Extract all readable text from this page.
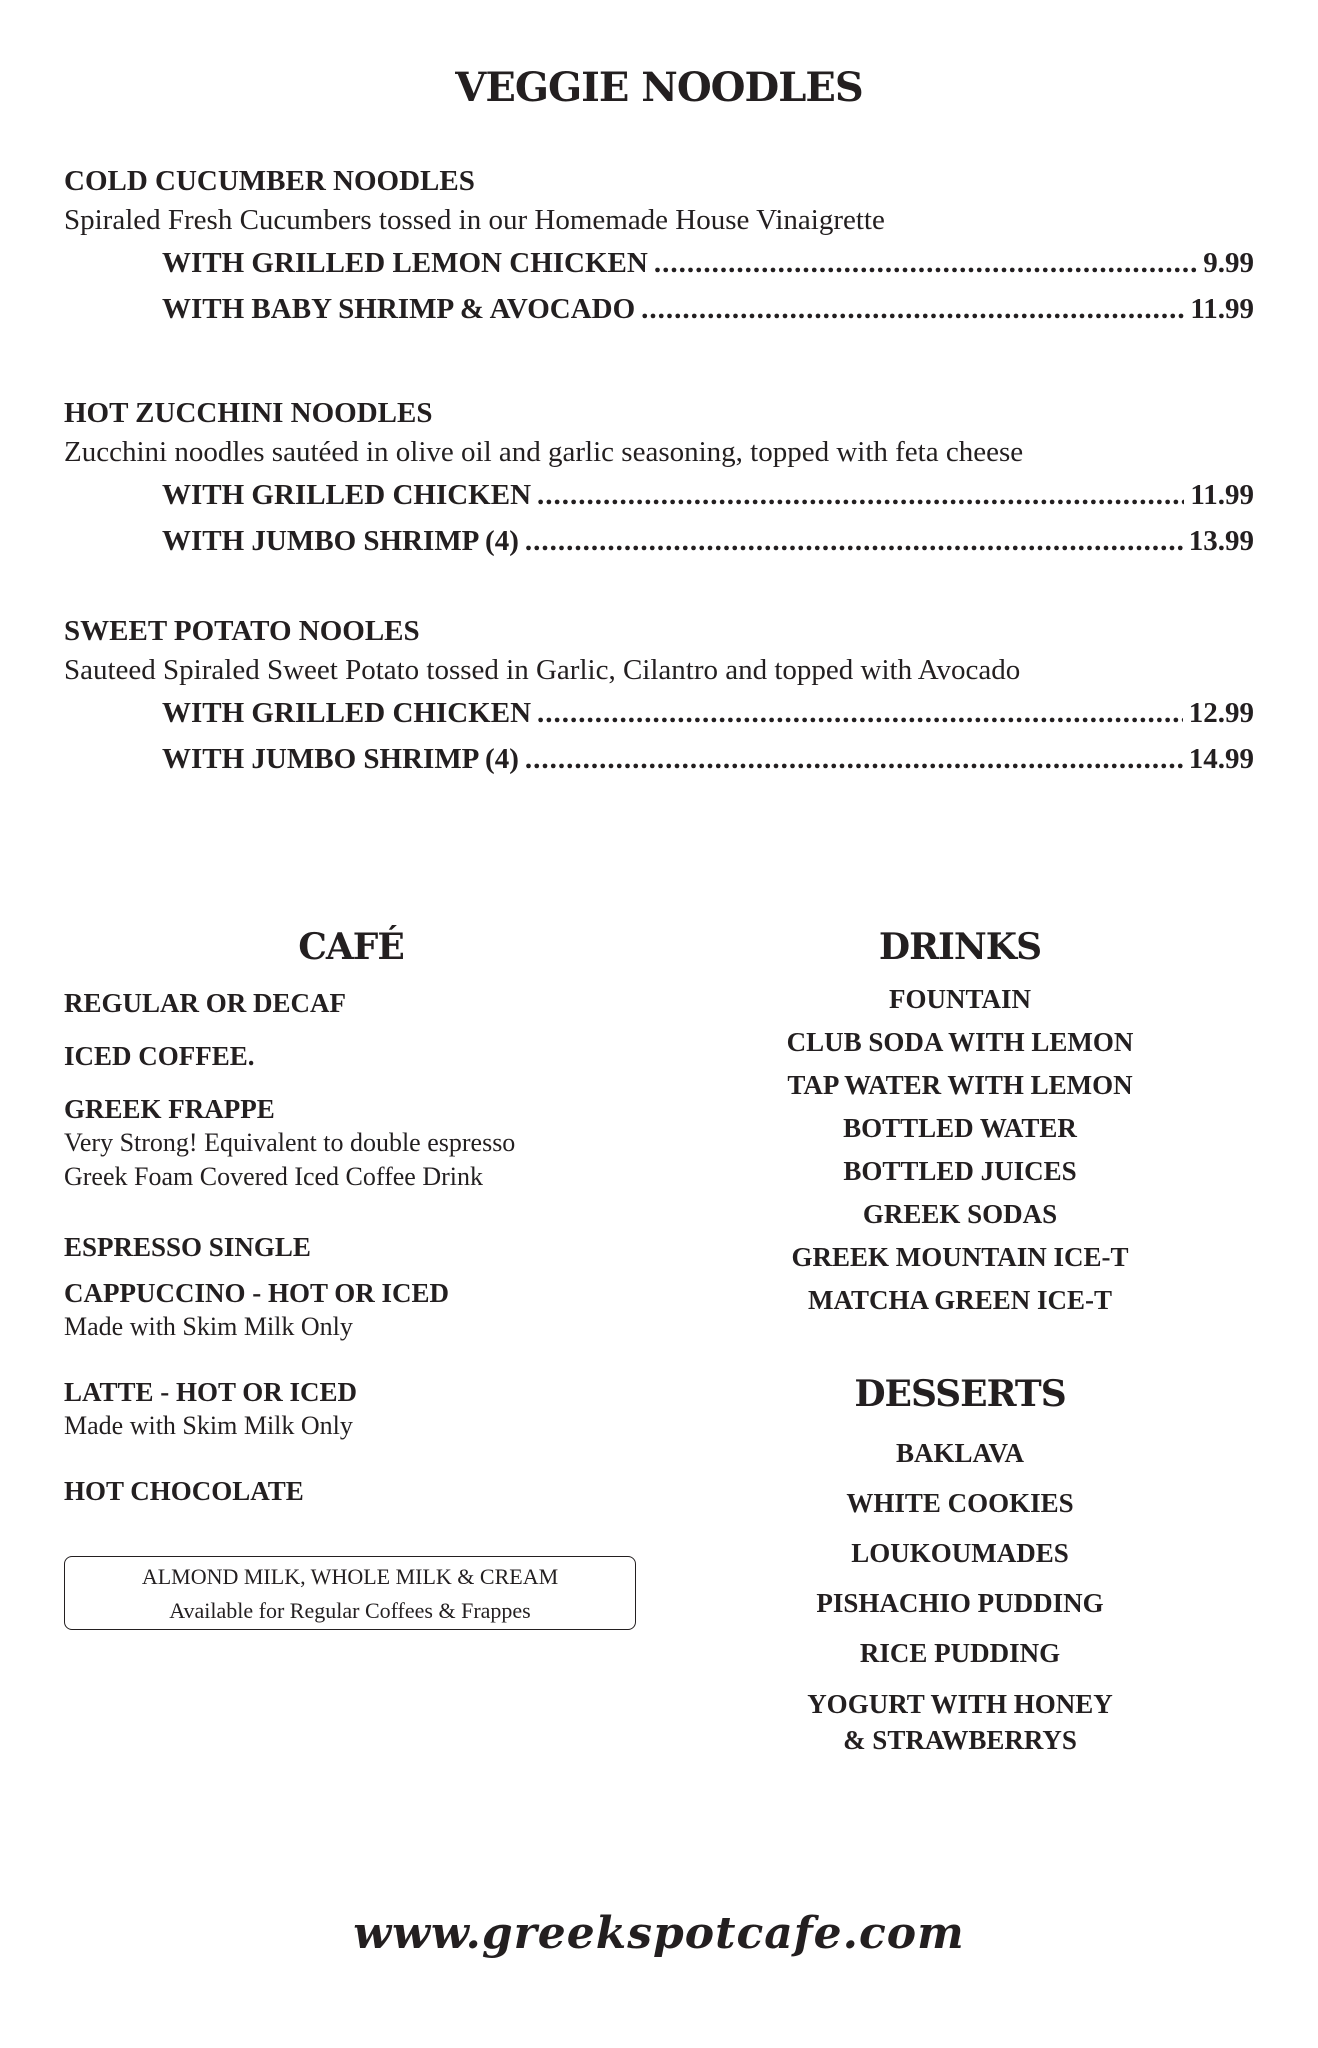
VEGGIE NOODLES
COLD CUCUMBER NOODLES
Spiraled Fresh Cucumbers tossed in our Homemade House Vinaigrette
WITH GRILLED LEMON CHICKEN .....	9.99
WITH BABY SHRIMP & AVOCADO .....	11.99
HOT ZUCCHINI NOODLES
Zucchini noodles sautéed in olive oil and garlic seasoning, topped with feta cheese
WITH GRILLED CHICKEN .....	11.99
WITH JUMBO SHRIMP (4) .....	13.99
SWEET POTATO NOOLES
Sauteed Spiraled Sweet Potato tossed in Garlic, Cilantro and topped with Avocado
WITH GRILLED CHICKEN .....	12.99
WITH JUMBO SHRIMP (4) .....	14.99
CAFÉ
REGULAR OR DECAF
ICED COFFEE.
GREEK FRAPPE
Very Strong! Equivalent to double espresso
Greek Foam Covered Iced Coffee Drink
ESPRESSO SINGLE
CAPPUCCINO - HOT OR ICED
Made with Skim Milk Only
LATTE - HOT OR ICED
Made with Skim Milk Only
HOT CHOCOLATE
ALMOND MILK, WHOLE MILK & CREAM
Available for Regular Coffees & Frappes
DRINKS
FOUNTAIN
CLUB SODA WITH LEMON
TAP WATER WITH LEMON
BOTTLED WATER
BOTTLED JUICES
GREEK SODAS
GREEK MOUNTAIN ICE-T
MATCHA GREEN ICE-T
DESSERTS
BAKLAVA
WHITE COOKIES
LOUKOUMADES
PISHACHIO PUDDING
RICE PUDDING
YOGURT WITH HONEY
& STRAWBERRYS
www.greekspotcafe.com
